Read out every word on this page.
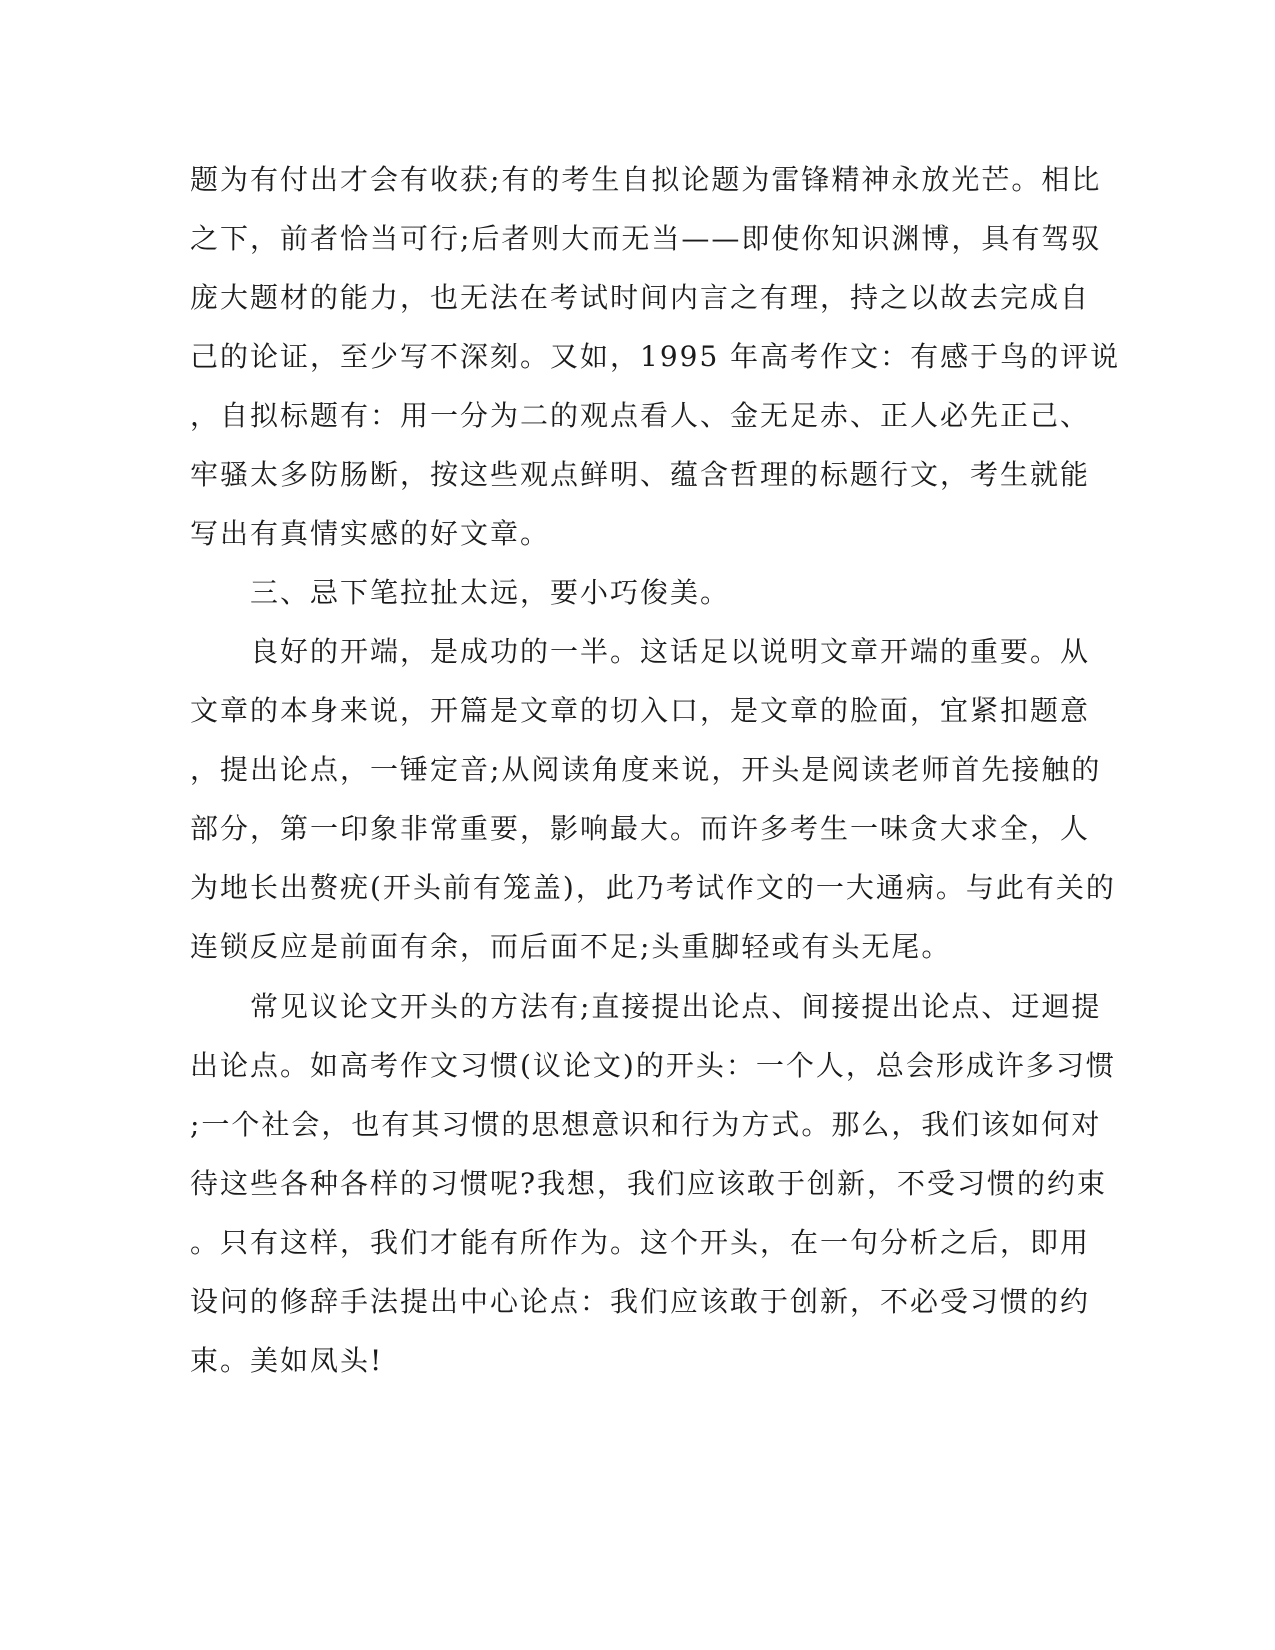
题为有付出才会有收获;有的考生自拟论题为雷锋精神永放光芒。相比
之下，前者恰当可行;后者则大而无当——即使你知识渊博，具有驾驭
庞大题材的能力，也无法在考试时间内言之有理，持之以故去完成自
己的论证，至少写不深刻。又如，1995 年高考作文：有感于鸟的评说
，自拟标题有：用一分为二的观点看人、金无足赤、正人必先正己、
牢骚太多防肠断，按这些观点鲜明、蕴含哲理的标题行文，考生就能
写出有真情实感的好文章。
三、忌下笔拉扯太远，要小巧俊美。
良好的开端，是成功的一半。这话足以说明文章开端的重要。从
文章的本身来说，开篇是文章的切入口，是文章的脸面，宜紧扣题意
，提出论点，一锤定音;从阅读角度来说，开头是阅读老师首先接触的
部分，第一印象非常重要，影响最大。而许多考生一味贪大求全，人
为地长出赘疣(开头前有笼盖)，此乃考试作文的一大通病。与此有关的
连锁反应是前面有余，而后面不足;头重脚轻或有头无尾。
常见议论文开头的方法有;直接提出论点、间接提出论点、迂迴提
出论点。如高考作文习惯(议论文)的开头：一个人，总会形成许多习惯
;一个社会，也有其习惯的思想意识和行为方式。那么，我们该如何对
待这些各种各样的习惯呢?我想，我们应该敢于创新，不受习惯的约束
。只有这样，我们才能有所作为。这个开头，在一句分析之后，即用
设问的修辞手法提出中心论点：我们应该敢于创新，不必受习惯的约
束。美如凤头!
